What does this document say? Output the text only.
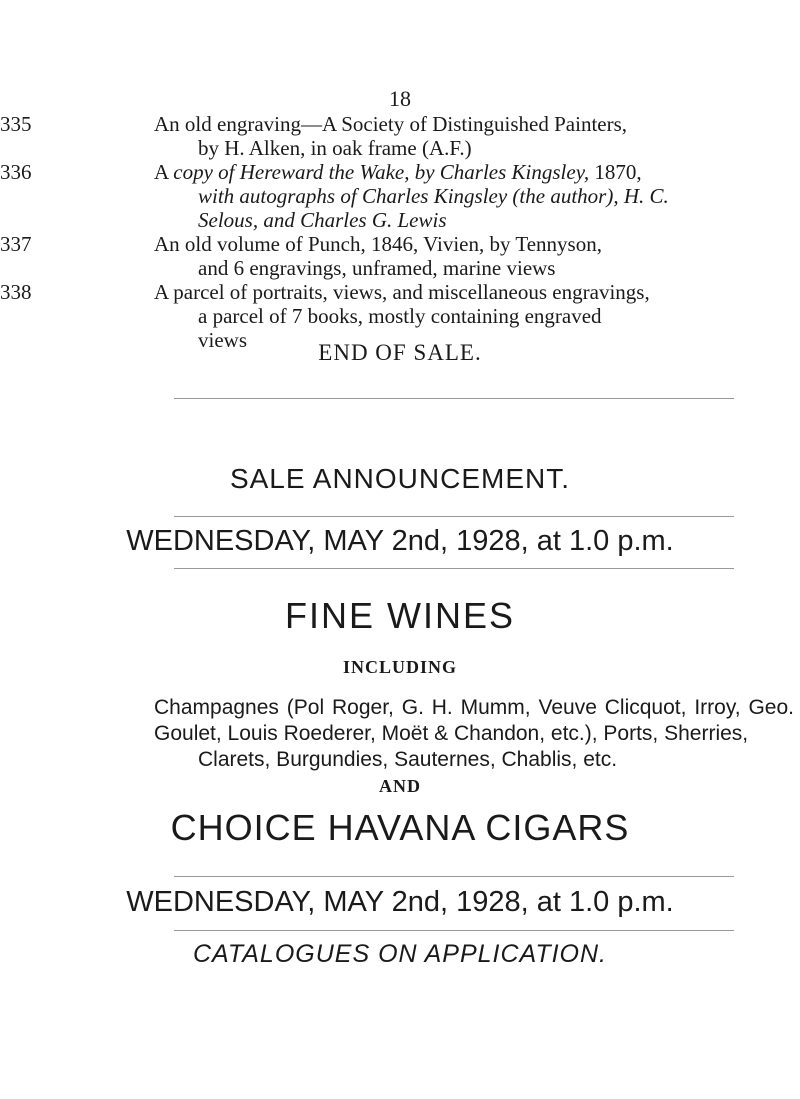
18
335	An old engraving—A Society of Distinguished Painters,
by H. Alken, in oak frame (A.F.)

336	A copy of Hereward the Wake, by Charles Kingsley, 1870,
with autographs of Charles Kingsley (the author), H. C.
Selous, and Charles G. Lewis

337	An old volume of Punch, 1846, Vivien, by Tennyson,
and 6 engravings, unframed, marine views

338	A parcel of portraits, views, and miscellaneous engravings,
a parcel of 7 books, mostly containing engraved
views	END OF SALE.
SALE ANNOUNCEMENT.
WEDNESDAY, MAY 2nd, 1928, at 1.0 p.m.
FINE WINES
INCLUDING
Champagnes (Pol Roger, G. H. Mumm, Veuve Clicquot, Irroy, Geo. Goulet, Louis Roederer, Moët & Chandon, etc.), Ports, Sherries,
Clarets, Burgundies, Sauternes, Chablis, etc.
AND
CHOICE HAVANA CIGARS
WEDNESDAY, MAY 2nd, 1928, at 1.0 p.m.
CATALOGUES ON APPLICATION.
